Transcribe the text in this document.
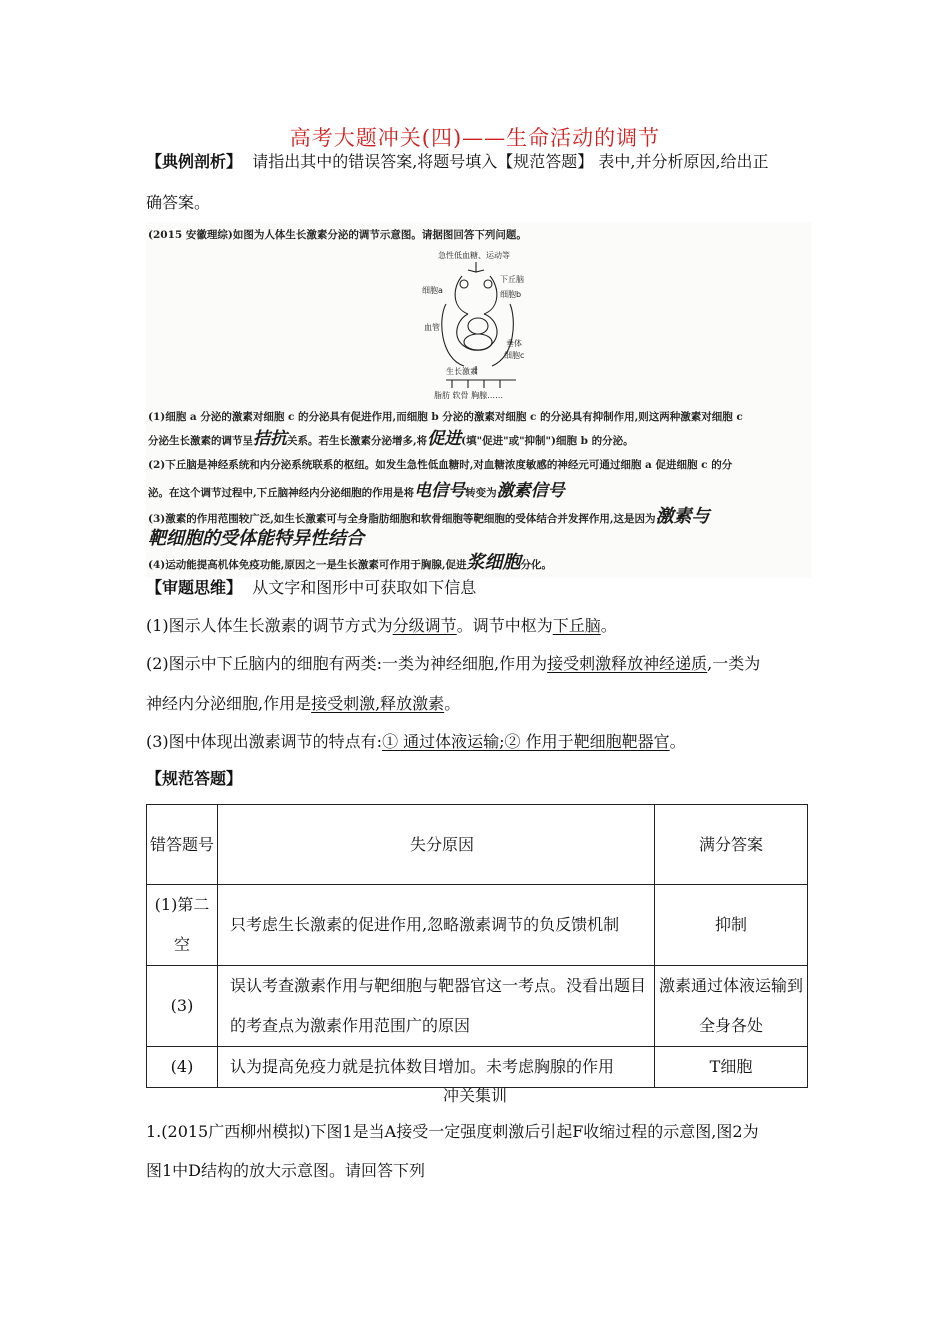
高考大题冲关(四)——生命活动的调节
【典例剖析】 请指出其中的错误答案,将题号填入【规范答题】 表中,并分析原因,给出正
确答案。
(2015 安徽理综)如图为人体生长激素分泌的调节示意图。请据图回答下列问题。
急性低血糖、运动等
下丘脑
细胞a	细胞b
血管
垂体
细胞c
生长激素
脂肪 软骨 胸腺……
(1)细胞 a 分泌的激素对细胞 c 的分泌具有促进作用,而细胞 b 分泌的激素对细胞 c 的分泌具有抑制作用,则这两种激素对细胞 c
分泌生长激素的调节呈拮抗关系。若生长激素分泌增多,将促进(填"促进"或"抑制")细胞 b 的分泌。
(2)下丘脑是神经系统和内分泌系统联系的枢纽。如发生急性低血糖时,对血糖浓度敏感的神经元可通过细胞 a 促进细胞 c 的分
泌。在这个调节过程中,下丘脑神经内分泌细胞的作用是将电信号转变为激素信号
(3)激素的作用范围较广泛,如生长激素可与全身脂肪细胞和软骨细胞等靶细胞的受体结合并发挥作用,这是因为激素与
靶细胞的受体能特异性结合
(4)运动能提高机体免疫功能,原因之一是生长激素可作用于胸腺,促进浆细胞分化。
【审题思维】 从文字和图形中可获取如下信息
(1)图示人体生长激素的调节方式为分级调节。调节中枢为下丘脑。
(2)图示中下丘脑内的细胞有两类:一类为神经细胞,作用为接受刺激释放神经递质,一类为
神经内分泌细胞,作用是接受刺激,释放激素。
(3)图中体现出激素调节的特点有:① 通过体液运输;② 作用于靶细胞靶器官。
【规范答题】
错答题号	失分原因	满分答案
(1)第二空	只考虑生长激素的促进作用,忽略激素调节的负反馈机制	抑制
(3)	误认考查激素作用与靶细胞与靶器官这一考点。没看出题目的考查点为激素作用范围广的原因	激素通过体液运输到全身各处
(4)	认为提高免疫力就是抗体数目增加。未考虑胸腺的作用	T细胞
冲关集训
1.(2015广西柳州模拟)下图1是当A接受一定强度刺激后引起F收缩过程的示意图,图2为
图1中D结构的放大示意图。请回答下列
